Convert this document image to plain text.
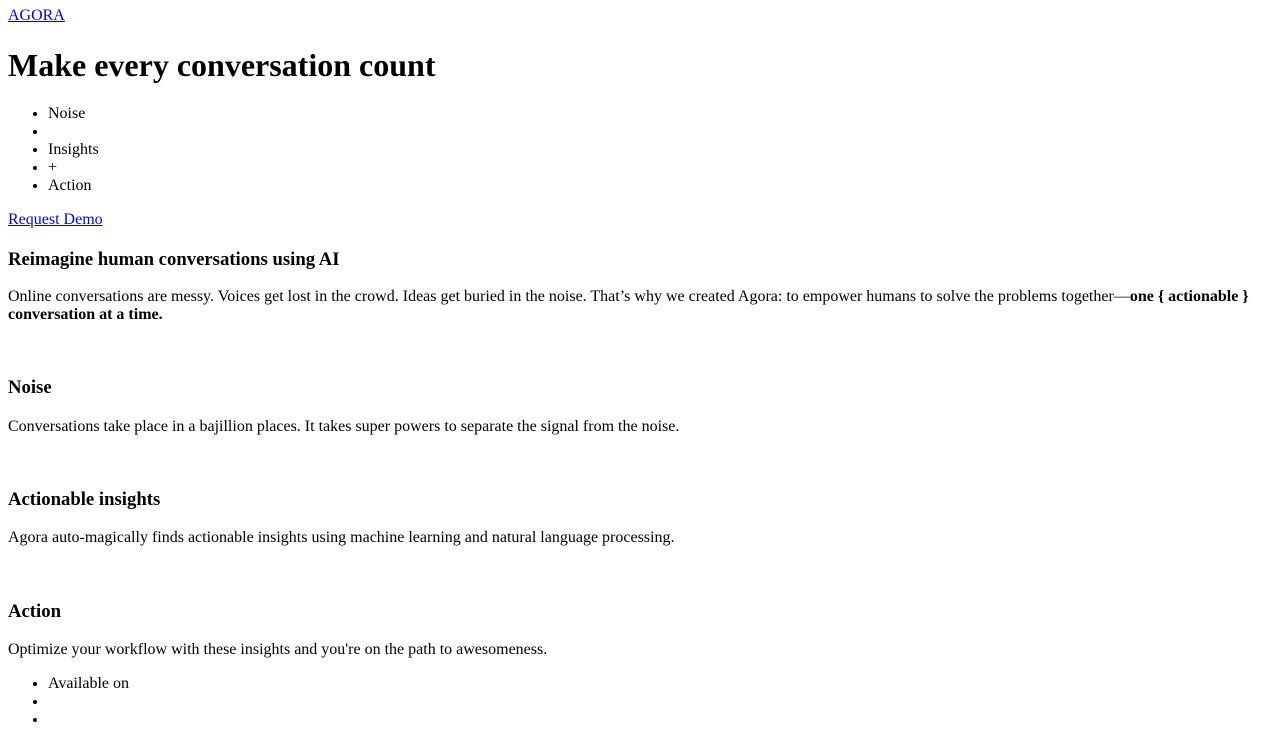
AGORA
Make every conversation count
• Noise
•
• Insights
• +
• Action
Request Demo
Reimagine human conversations using AI

Online conversations are messy. Voices get lost in the crowd. Ideas get buried in the noise. That’s why we created Agora: to empower humans to solve the problems together—one { actionable } conversation at a time.

Noise

Conversations take place in a bajillion places. It takes super powers to separate the signal from the noise.

Actionable insights

Agora auto-magically finds actionable insights using machine learning and natural language processing.

Action

Optimize your workflow with these insights and you're on the path to awesomeness.

• Available on
•
•
